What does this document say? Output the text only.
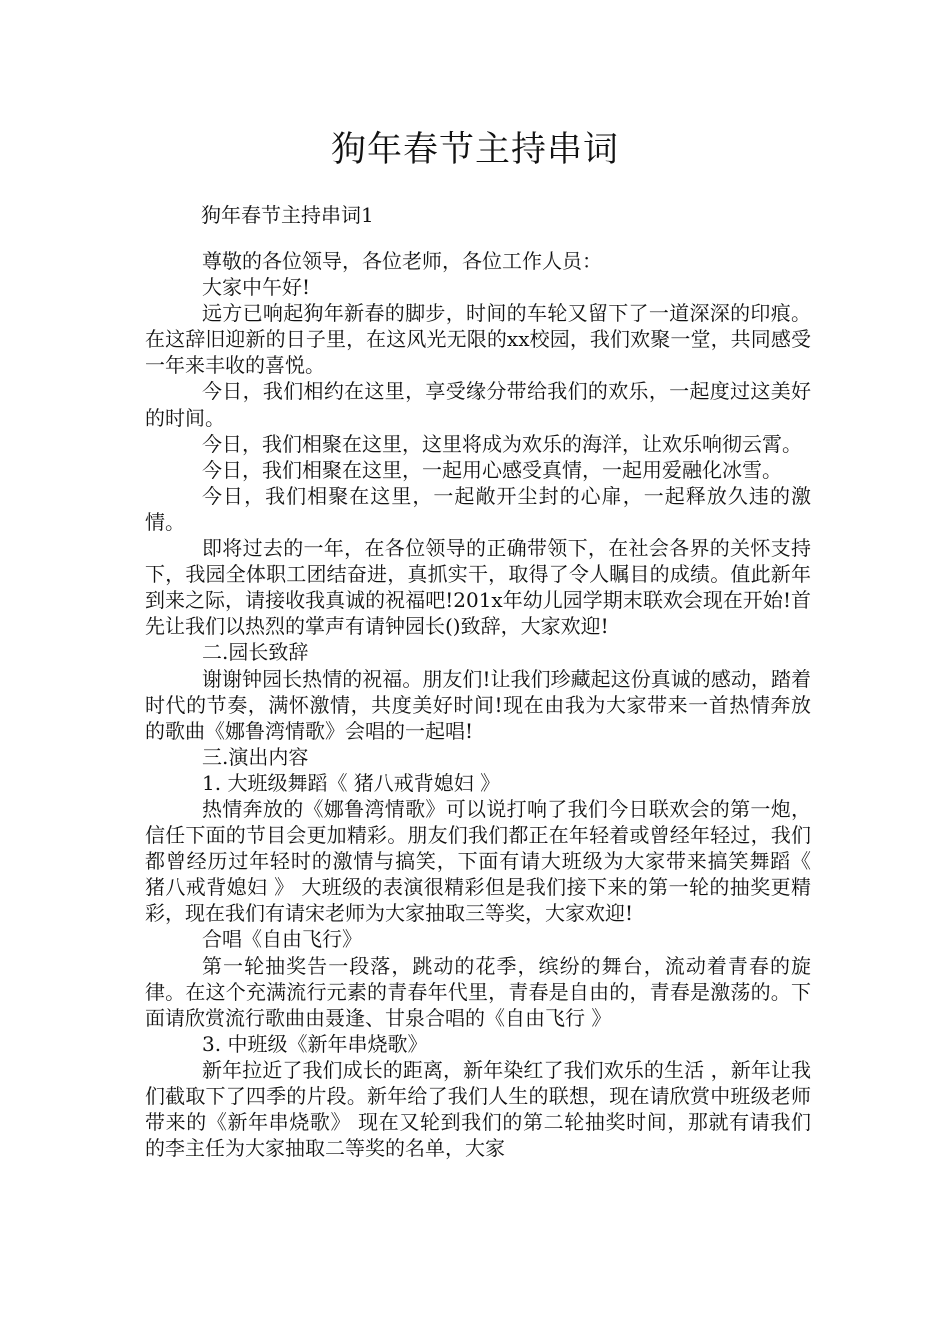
狗年春节主持串词
狗年春节主持串词1

尊敬的各位领导，各位老师，各位工作人员：

大家中午好!

远方已响起狗年新春的脚步，时间的车轮又留下了一道深深的印痕。在这辞旧迎新的日子里，在这风光无限的xx校园，我们欢聚一堂，共同感受一年来丰收的喜悦。

今日，我们相约在这里，享受缘分带给我们的欢乐，一起度过这美好的时间。

今日，我们相聚在这里，这里将成为欢乐的海洋，让欢乐响彻云霄。

今日，我们相聚在这里，一起用心感受真情，一起用爱融化冰雪。

今日，我们相聚在这里，一起敞开尘封的心扉，一起释放久违的激情。

即将过去的一年，在各位领导的正确带领下，在社会各界的关怀支持下，我园全体职工团结奋进，真抓实干，取得了令人瞩目的成绩。值此新年到来之际，请接收我真诚的祝福吧!201x年幼儿园学期末联欢会现在开始!首先让我们以热烈的掌声有请钟园长()致辞，大家欢迎!

二.园长致辞

谢谢钟园长热情的祝福。朋友们!让我们珍藏起这份真诚的感动，踏着时代的节奏，满怀激情，共度美好时间!现在由我为大家带来一首热情奔放的歌曲《娜鲁湾情歌》会唱的一起唱!

三.演出内容

1. 大班级舞蹈《 猪八戒背媳妇 》

热情奔放的《娜鲁湾情歌》可以说打响了我们今日联欢会的第一炮，信任下面的节目会更加精彩。朋友们我们都正在年轻着或曾经年轻过，我们都曾经历过年轻时的激情与搞笑，下面有请大班级为大家带来搞笑舞蹈《 猪八戒背媳妇 》 大班级的表演很精彩但是我们接下来的第一轮的抽奖更精彩，现在我们有请宋老师为大家抽取三等奖，大家欢迎!

合唱《自由飞行》

第一轮抽奖告一段落，跳动的花季，缤纷的舞台，流动着青春的旋律。在这个充满流行元素的青春年代里，青春是自由的，青春是激荡的。下面请欣赏流行歌曲由聂逢、甘泉合唱的《自由飞行 》

3. 中班级《新年串烧歌》

新年拉近了我们成长的距离，新年染红了我们欢乐的生活 ，新年让我们截取下了四季的片段。新年给了我们人生的联想，现在请欣赏中班级老师带来的《新年串烧歌》 现在又轮到我们的第二轮抽奖时间，那就有请我们的李主任为大家抽取二等奖的名单，大家
